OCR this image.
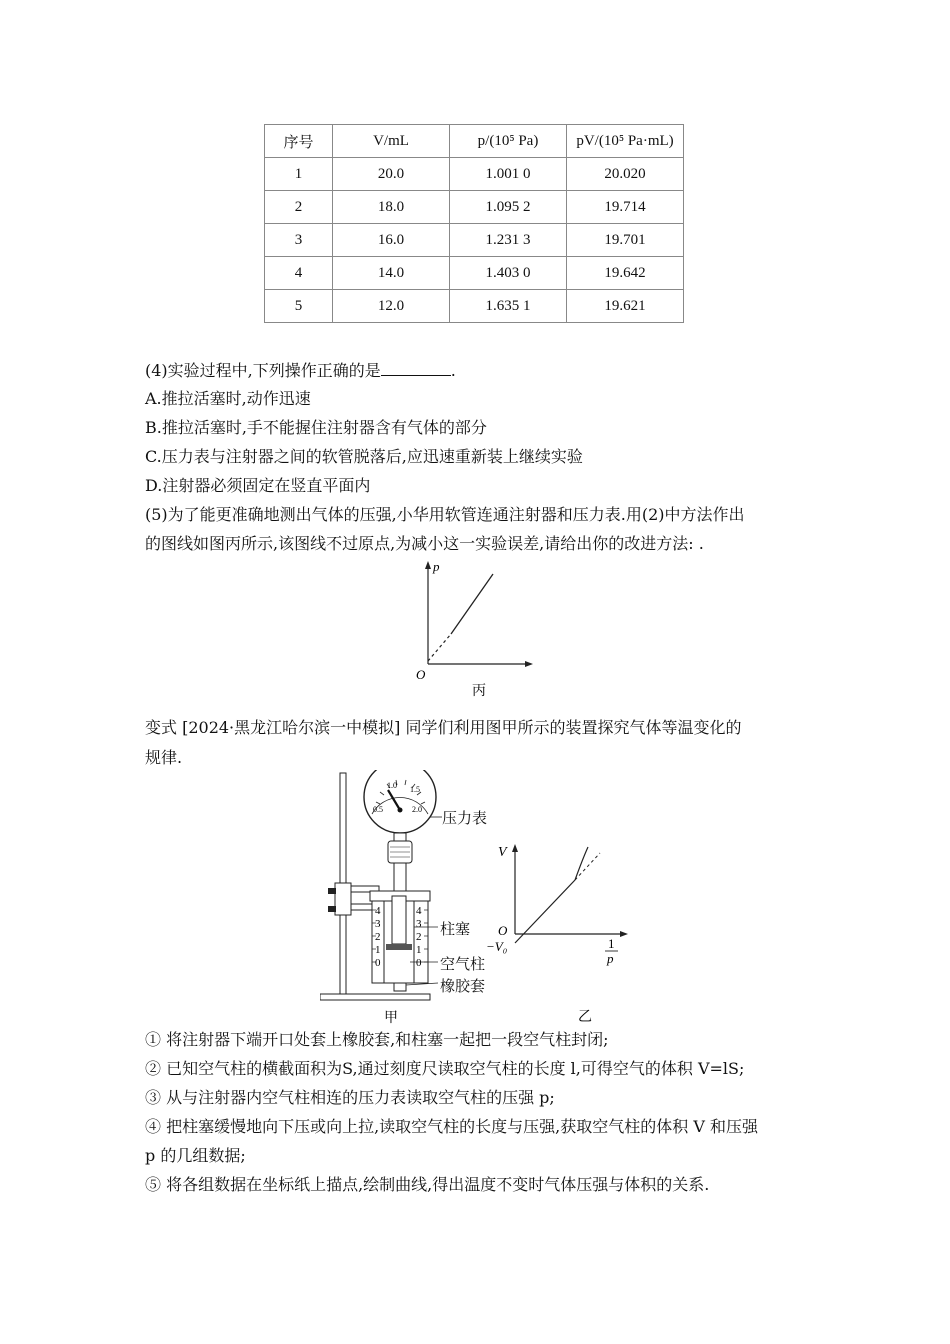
序号	V/mL	p/(10⁵ Pa)	pV/(10⁵ Pa·mL)
1	20.0	1.001 0	20.020
2	18.0	1.095 2	19.714
3	16.0	1.231 3	19.701
4	14.0	1.403 0	19.642
5	12.0	1.635 1	19.621
(4)实验过程中,下列操作正确的是	.
A.推拉活塞时,动作迅速
B.推拉活塞时,手不能握住注射器含有气体的部分
C.压力表与注射器之间的软管脱落后,应迅速重新装上继续实验
D.注射器必须固定在竖直平面内
(5)为了能更准确地测出气体的压强,小华用软管连通注射器和压力表.用(2)中方法作出
的图线如图丙所示,该图线不过原点,为减小这一实验误差,请给出你的改进方法: .
p
O
丙
变式 [2024·黑龙江哈尔滨一中模拟] 同学们利用图甲所示的装置探究气体等温变化的
规律.
0.5
1.0 1.5
2.0
4
3
2
1
0
4
3
2
1
0
甲
压力表
柱塞
空气柱
橡胶套
V
O
−V₀	1
p
乙
① 将注射器下端开口处套上橡胶套,和柱塞一起把一段空气柱封闭;
② 已知空气柱的横截面积为S,通过刻度尺读取空气柱的长度 l,可得空气的体积 V=lS;
③ 从与注射器内空气柱相连的压力表读取空气柱的压强 p;
④ 把柱塞缓慢地向下压或向上拉,读取空气柱的长度与压强,获取空气柱的体积 V 和压强
p 的几组数据;
⑤ 将各组数据在坐标纸上描点,绘制曲线,得出温度不变时气体压强与体积的关系.
